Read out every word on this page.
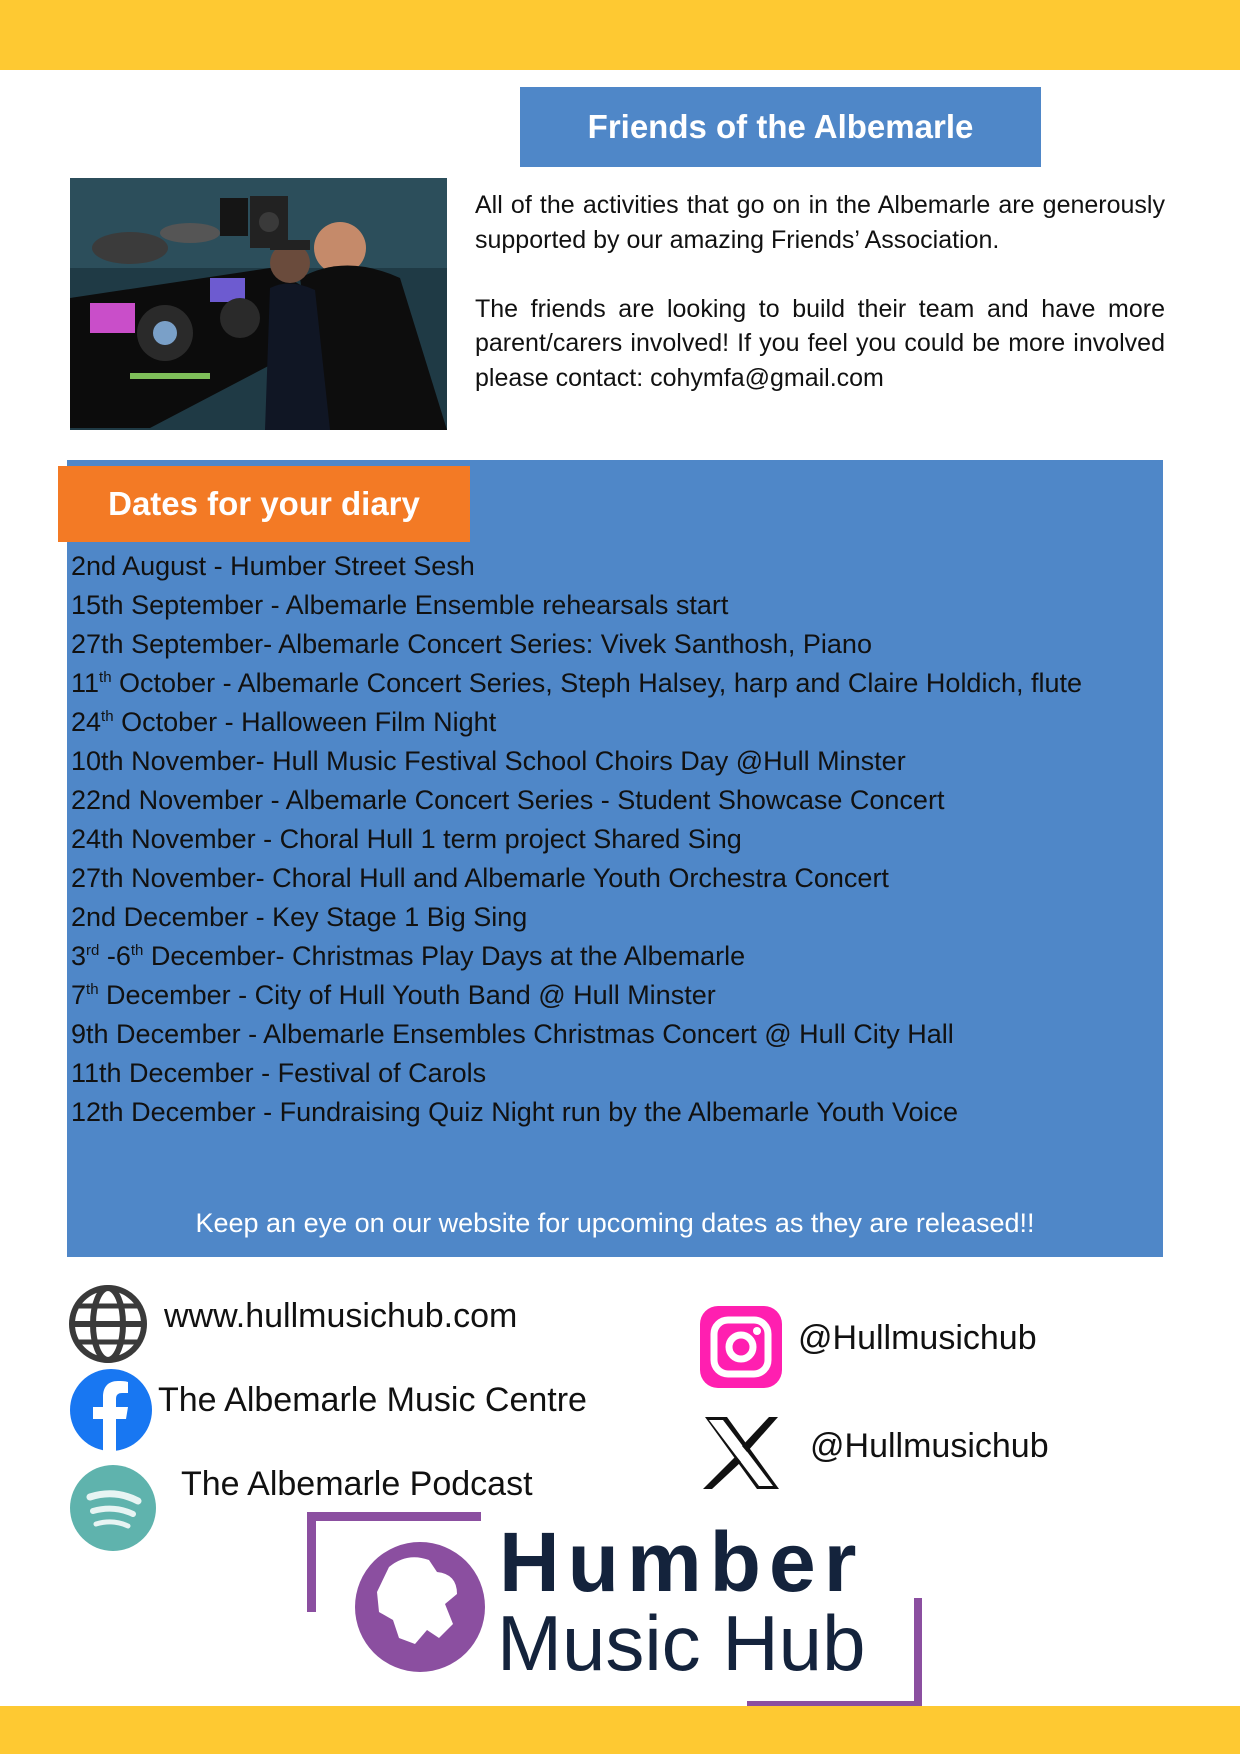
Friends of the Albemarle

All of the activities that go on in the Albemarle are generously supported by our amazing Friends’ Association.

The friends are looking to build their team and have more parent/carers involved! If you feel you could be more involved please contact: cohymfa@gmail.com

Dates for your diary
2nd August - Humber Street Sesh
15th September - Albemarle Ensemble rehearsals start
27th September- Albemarle Concert Series: Vivek Santhosh, Piano
11th October - Albemarle Concert Series, Steph Halsey, harp and Claire Holdich, flute
24th October - Halloween Film Night
10th November- Hull Music Festival School Choirs Day @Hull Minster
22nd November - Albemarle Concert Series - Student Showcase Concert
24th November - Choral Hull 1 term project Shared Sing
27th November- Choral Hull and Albemarle Youth Orchestra Concert
2nd December - Key Stage 1 Big Sing
3rd -6th December- Christmas Play Days at the Albemarle
7th December - City of Hull Youth Band @ Hull Minster
9th December - Albemarle Ensembles Christmas Concert @ Hull City Hall
11th December - Festival of Carols
12th December - Fundraising Quiz Night run by the Albemarle Youth Voice
Keep an eye on our website for upcoming dates as they are released!!
www.hullmusichub.com
The Albemarle Music Centre
The Albemarle Podcast
@Hullmusichub
@Hullmusichub
Humber
Music Hub
